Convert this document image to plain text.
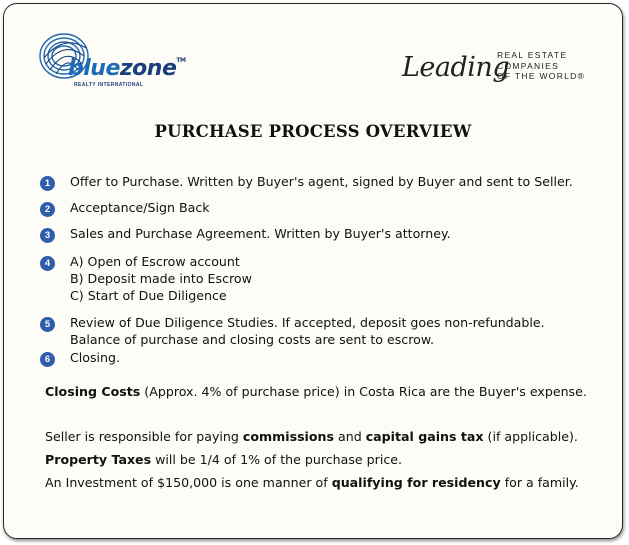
bluezone™
REALTY INTERNATIONAL
Leading
REAL ESTATE
COMPANIES
OF THE WORLD®
PURCHASE PROCESS OVERVIEW
1	Offer to Purchase. Written by Buyer's agent, signed by Buyer and sent to Seller.
2	Acceptance/Sign Back
3	Sales and Purchase Agreement. Written by Buyer's attorney.
4	A) Open of Escrow account
B) Deposit made into Escrow
C) Start of Due Diligence
5	Review of Due Diligence Studies. If accepted, deposit goes non-refundable.
Balance of purchase and closing costs are sent to escrow.
6	Closing.

Closing Costs (Approx. 4% of purchase price) in Costa Rica are the Buyer's expense.

Seller is responsible for paying commissions and capital gains tax (if applicable).

Property Taxes will be 1/4 of 1% of the purchase price.

An Investment of $150,000 is one manner of qualifying for residency for a family.
